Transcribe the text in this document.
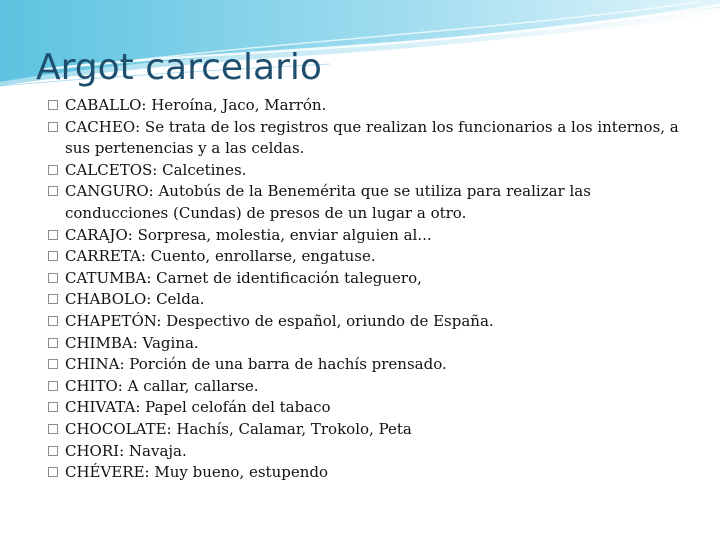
Argot carcelario
CABALLO: Heroína, Jaco, Marrón.
CACHEO: Se trata de los registros que realizan los funcionarios a los internos, a sus pertenencias y a las celdas.
CALCETOS: Calcetines.
CANGURO: Autobús de la Benemérita que se utiliza para realizar las conducciones (Cundas) de presos de un lugar a otro.
CARAJO: Sorpresa, molestia, enviar alguien al...
CARRETA: Cuento, enrollarse, engatuse.
CATUMBA: Carnet de identificación taleguero,
CHABOLO: Celda.
CHAPETÓN: Despectivo de español, oriundo de España.
CHIMBA: Vagina.
CHINA: Porción de una barra de hachís prensado.
CHITO: A callar, callarse.
CHIVATA: Papel celofán del tabaco
CHOCOLATE: Hachís, Calamar, Trokolo, Peta
CHORI: Navaja.
CHÉVERE: Muy bueno, estupendo
